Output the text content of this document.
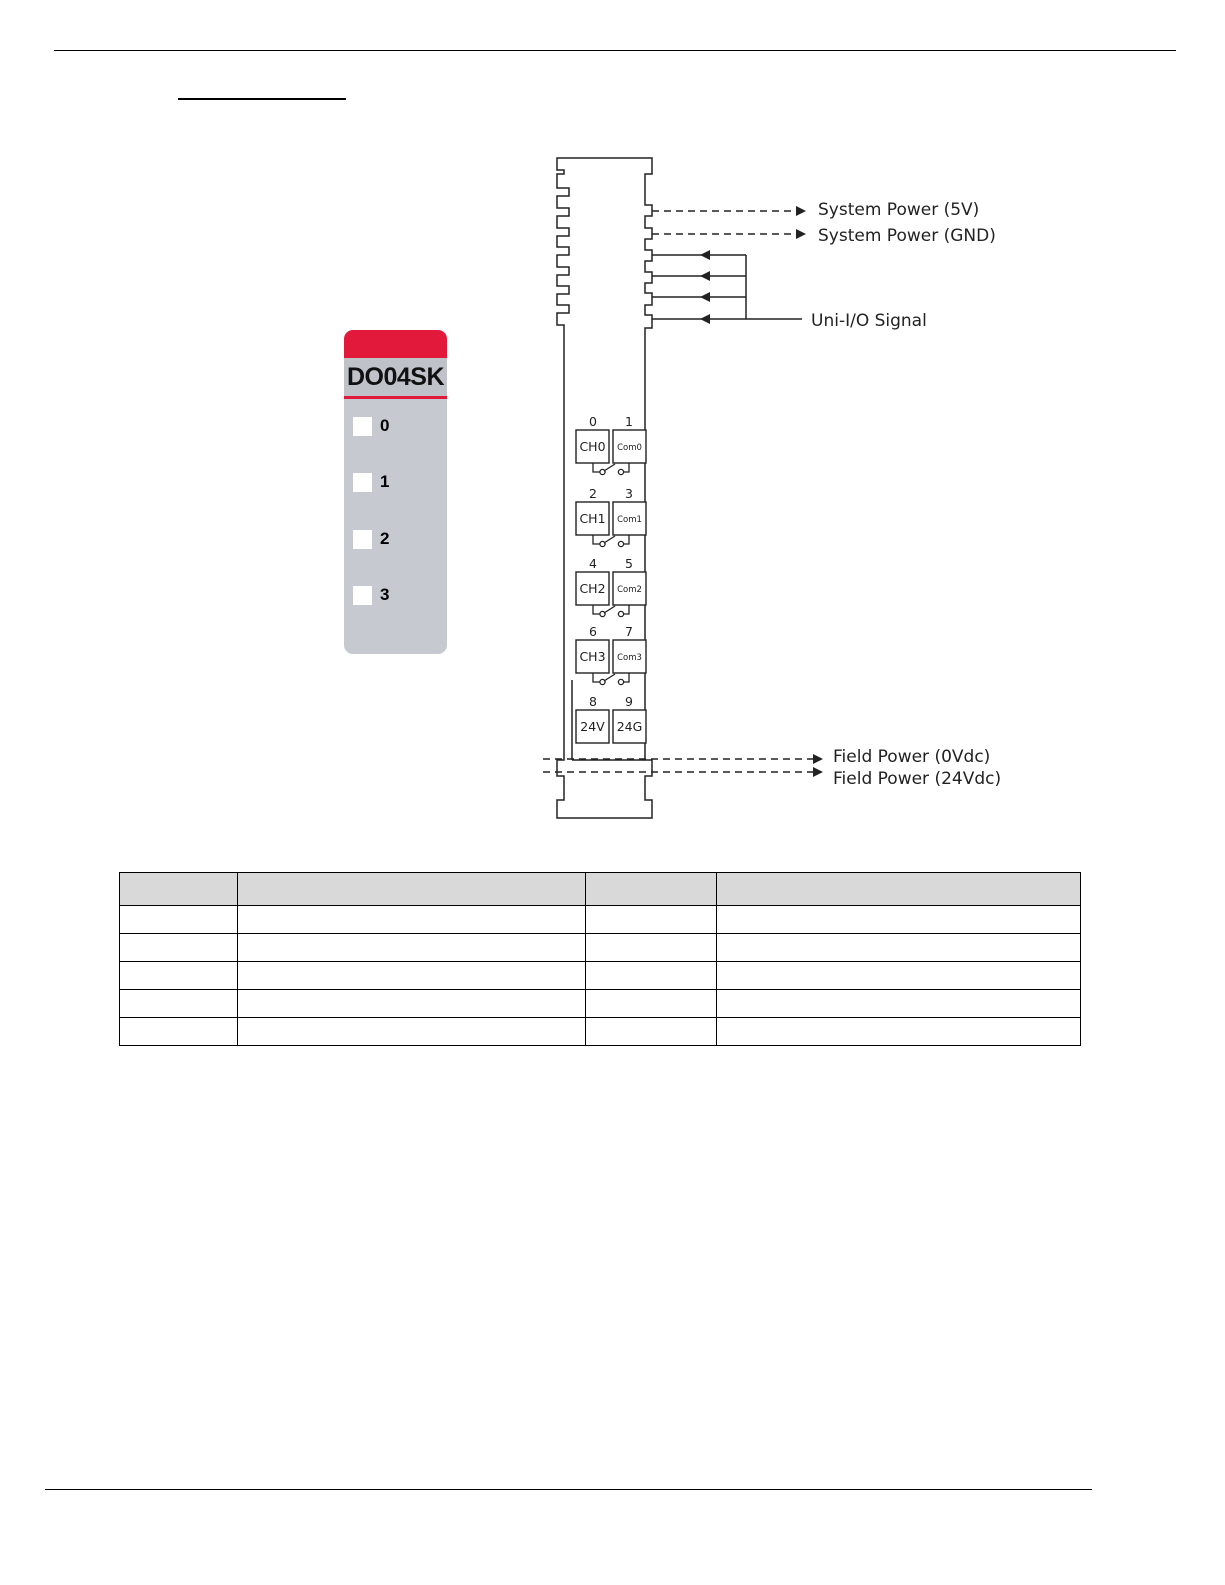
DO04SK
0
1
2
3
System Power (5V)
System Power (GND)
Uni-I/O Signal
Field Power (0Vdc)
Field Power (24Vdc)
0 1
CH0 Com0
2 3
CH1 Com1
4 5
CH2 Com2
6 7
CH3 Com3
8 9
24V 24G
